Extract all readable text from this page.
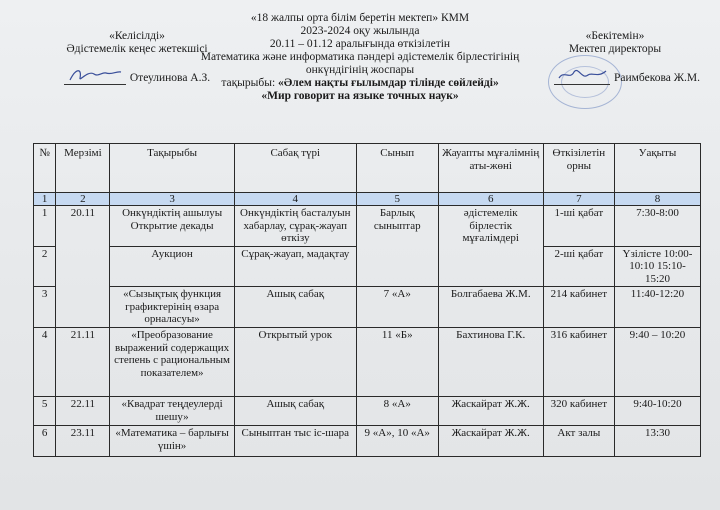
«Келісілді»
Әдістемелік кеңес жетекшісі
Отеулинова А.З.
«18 жалпы орта білім беретін мектеп» КММ
2023-2024 оқу жылында
20.11 – 01.12 аралығында өткізілетін
Математика және информатика пәндері әдістемелік бірлестігінің
онкүндігінің жоспары
тақырыбы: «Әлем нақты ғылымдар тілінде сөйлейді»
«Мир говорит на языке точных наук»
«Бекітемін»
Мектеп директоры
Раимбекова Ж.М.
№	Мерзімі	Тақырыбы	Сабақ түрі	Сынып	Жауапты мұғалімнің аты-жөні	Өткізілетін орны	Уақыты
1	2	3	4	5	6	7	8
1	20.11	Онкүндіктің ашылуы Открытие декады	Онкүндіктің басталуын хабарлау, сұрақ-жауап өткізу	Барлық сыныптар	әдістемелік бірлестік мұғалімдері	1-ші қабат	7:30-8:00
2		Аукцион	Сұрақ-жауап, мадақтау			2-ші қабат	Үзілісте 10:00-10:10 15:10-15:20
3		«Сызықтық функция графиктерінің өзара орналасуы»	Ашық сабақ	7 «А»	Болгабаева Ж.М.	214 кабинет	11:40-12:20
4	21.11	«Преобразование выражений содержащих степень с рациональным показателем»	Открытый урок	11 «Б»	Бахтинова Г.К.	316 кабинет	9:40 – 10:20
5	22.11	«Квадрат теңдеулерді шешу»	Ашық сабақ	8 «А»	Жаскайрат Ж.Ж.	320 кабинет	9:40-10:20
6	23.11	«Математика – барлығы үшін»	Сыныптан тыс іс-шара	9 «А», 10 «А»	Жаскайрат Ж.Ж.	Акт залы	13:30
